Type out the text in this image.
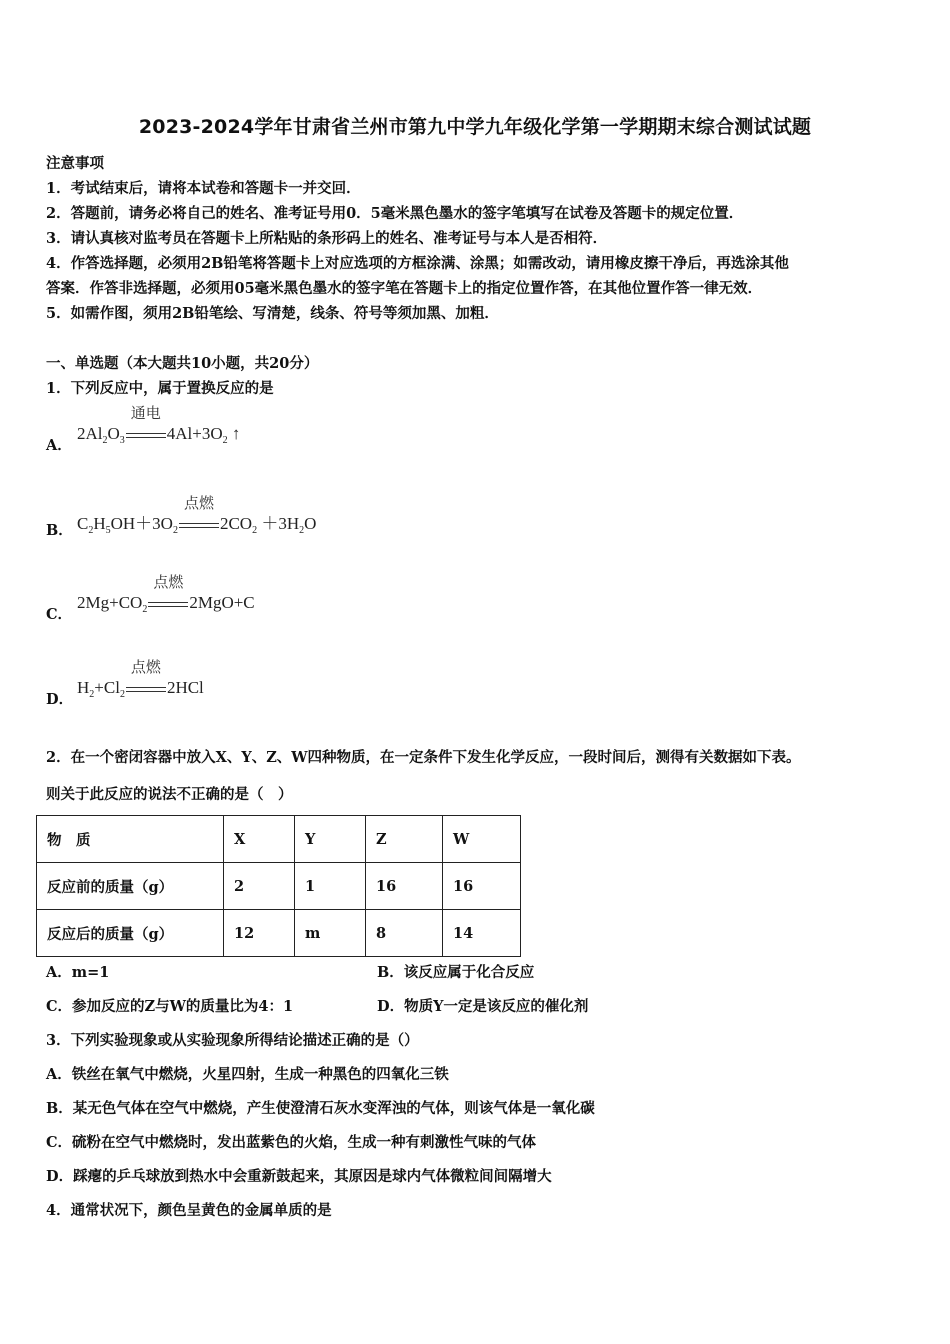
2023-2024学年甘肃省兰州市第九中学九年级化学第一学期期末综合测试试题
注意事项
1．考试结束后，请将本试卷和答题卡一并交回．
2．答题前，请务必将自己的姓名、准考证号用0．5毫米黑色墨水的签字笔填写在试卷及答题卡的规定位置．
3．请认真核对监考员在答题卡上所粘贴的条形码上的姓名、准考证号与本人是否相符．
4．作答选择题，必须用2B铅笔将答题卡上对应选项的方框涂满、涂黑；如需改动，请用橡皮擦干净后，再选涂其他
答案．作答非选择题，必须用05毫米黑色墨水的签字笔在答题卡上的指定位置作答，在其他位置作答一律无效．
5．如需作图，须用2B铅笔绘、写清楚，线条、符号等须加黑、加粗．
一、单选题（本大题共10小题，共20分）
1．下列反应中，属于置换反应的是
A．
$2Al_2O_3$
通电
$4Al+3O_2$ ↑
B． $C_2H_5OH+3O_2$
点燃
$2CO_2 +3H_2O$
C．
$2Mg+CO_2$
点燃
2MgO+C
D．
$H_2+Cl_2$
点燃
2HCl
2．在一个密闭容器中放入X、Y、Z、W四种物质，在一定条件下发生化学反应，一段时间后，测得有关数据如下表。
则关于此反应的说法不正确的是（　）
物　质	X	Y	Z	W
反应前的质量（g）	2	1	16	16
反应后的质量（g）	12	m	8	14
A．m=1	B．该反应属于化合反应
C．参加反应的Z与W的质量比为4：1	D．物质Y一定是该反应的催化剂
3．下列实验现象或从实验现象所得结论描述正确的是（）
A．铁丝在氧气中燃烧，火星四射，生成一种黑色的四氧化三铁
B．某无色气体在空气中燃烧，产生使澄清石灰水变浑浊的气体，则该气体是一氧化碳
C．硫粉在空气中燃烧时，发出蓝紫色的火焰，生成一种有刺激性气味的气体
D．踩瘪的乒乓球放到热水中会重新鼓起来，其原因是球内气体微粒间间隔增大
4．通常状况下，颜色呈黄色的金属单质的是
